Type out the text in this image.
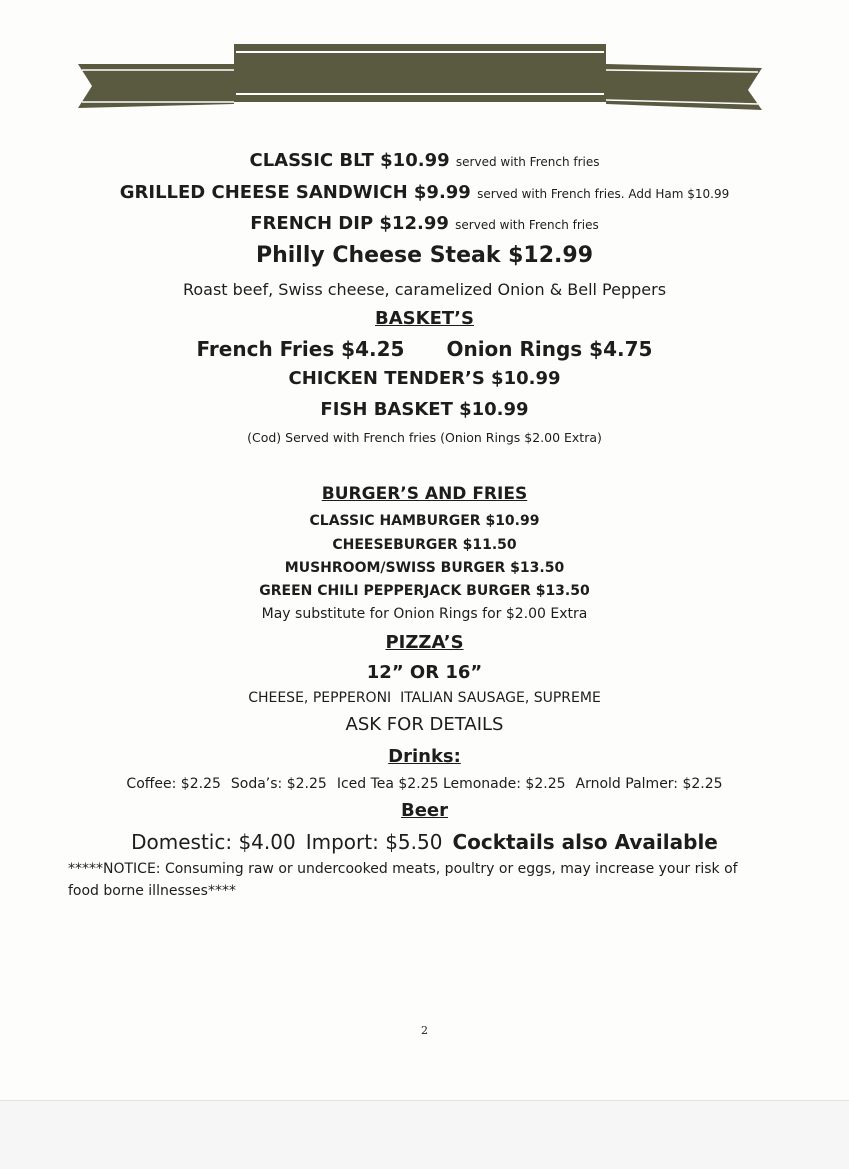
CLASSIC BLT $10.99 served with French fries
GRILLED CHEESE SANDWICH $9.99 served with French fries. Add Ham $10.99
FRENCH DIP $12.99 served with French fries
Philly Cheese Steak $12.99
Roast beef, Swiss cheese, caramelized Onion & Bell Peppers
BASKET’S
French Fries $4.25 Onion Rings $4.75
CHICKEN TENDER’S $10.99
FISH BASKET $10.99
(Cod) Served with French fries (Onion Rings $2.00 Extra)
BURGER’S AND FRIES
CLASSIC HAMBURGER $10.99
CHEESEBURGER $11.50
MUSHROOM/SWISS BURGER $13.50
GREEN CHILI PEPPERJACK BURGER $13.50
May substitute for Onion Rings for $2.00 Extra
PIZZA’S
12” OR 16”
CHEESE, PEPPERONI  ITALIAN SAUSAGE, SUPREME
ASK FOR DETAILS
Drinks:
Coffee: $2.25 Soda’s: $2.25 Iced Tea $2.25 Lemonade: $2.25 Arnold Palmer: $2.25
Beer
Domestic: $4.00 Import: $5.50 Cocktails also Available
*****NOTICE: Consuming raw or undercooked meats, poultry or eggs, may increase your risk of food borne illnesses****
2
